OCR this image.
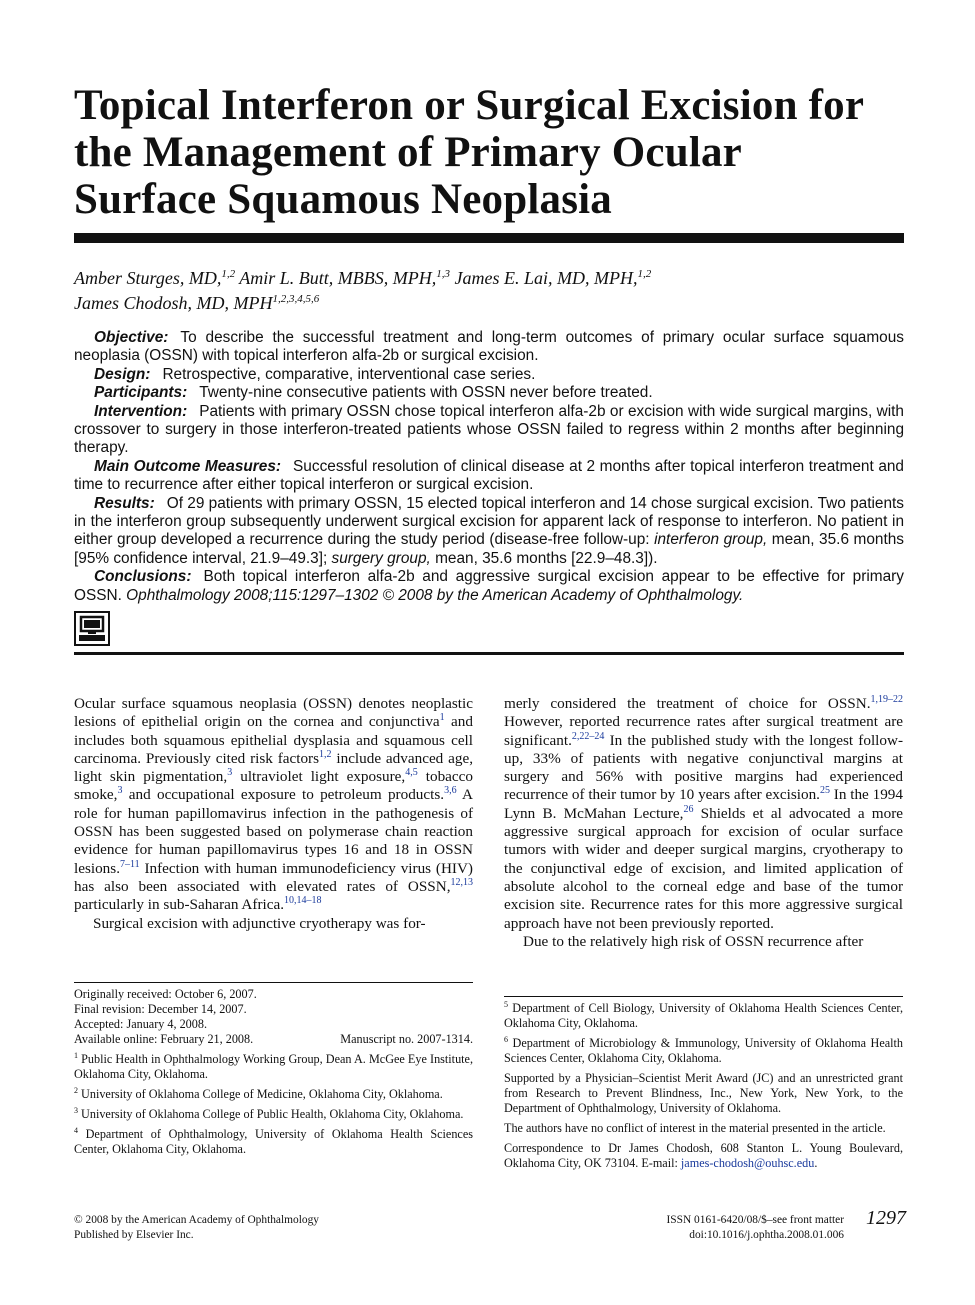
Topical Interferon or Surgical Excision for
the Management of Primary Ocular
Surface Squamous Neoplasia
Amber Sturges, MD,$^{1,2}$ Amir L. Butt, MBBS, MPH,$^{1,3}$ James E. Lai, MD, MPH,$^{1,2}$
James Chodosh, MD, MPH$^{1,2,3,4,5,6}$

Objective: To describe the successful treatment and long-term outcomes of primary ocular surface squamous neoplasia (OSSN) with topical interferon alfa-2b or surgical excision.

Design: Retrospective, comparative, interventional case series.

Participants: Twenty-nine consecutive patients with OSSN never before treated.

Intervention: Patients with primary OSSN chose topical interferon alfa-2b or excision with wide surgical margins, with crossover to surgery in those interferon-treated patients whose OSSN failed to regress within 2 months after beginning therapy.

Main Outcome Measures: Successful resolution of clinical disease at 2 months after topical interferon treatment and time to recurrence after either topical interferon or surgical excision.

Results: Of 29 patients with primary OSSN, 15 elected topical interferon and 14 chose surgical excision. Two patients in the interferon group subsequently underwent surgical excision for apparent lack of response to interferon. No patient in either group developed a recurrence during the study period (disease-free follow-up: interferon group, mean, 35.6 months [95% confidence interval, 21.9–49.3]; surgery group, mean, 35.6 months [22.9–48.3]).

Conclusions: Both topical interferon alfa-2b and aggressive surgical excision appear to be effective for primary OSSN. Ophthalmology 2008;115:1297–1302 © 2008 by the American Academy of Ophthalmology.

Ocular surface squamous neoplasia (OSSN) denotes neoplastic lesions of epithelial origin on the cornea and conjunctiva$^1$ and includes both squamous epithelial dysplasia and squamous cell carcinoma. Previously cited risk factors$^{1,2}$ include advanced age, light skin pigmentation,$^3$ ultraviolet light exposure,$^{4,5}$ tobacco smoke,$^3$ and occupational exposure to petroleum products.$^{3,6}$ A role for human papillomavirus infection in the pathogenesis of OSSN has been suggested based on polymerase chain reaction evidence for human papillomavirus types 16 and 18 in OSSN lesions.$^{7-11}$ Infection with human immunodeficiency virus (HIV) has also been associated with elevated rates of OSSN,$^{12,13}$ particularly in sub-Saharan Africa.$^{10,14-18}$

Surgical excision with adjunctive cryotherapy was for-

merly considered the treatment of choice for OSSN.$^{1,19-22}$ However, reported recurrence rates after surgical treatment are significant.$^{2,22-24}$ In the published study with the longest follow-up, 33% of patients with negative conjunctival margins at surgery and 56% with positive margins had experienced recurrence of their tumor by 10 years after excision.$^{25}$ In the 1994 Lynn B. McMahan Lecture,$^{26}$ Shields et al advocated a more aggressive surgical approach for excision of ocular surface tumors with wider and deeper surgical margins, cryotherapy to the conjunctival edge of excision, and limited application of absolute alcohol to the corneal edge and base of the tumor excision site. Recurrence rates for this more aggressive surgical approach have not been previously reported.

Due to the relatively high risk of OSSN recurrence after

Originally received: October 6, 2007.
Final revision: December 14, 2007.
Accepted: January 4, 2008.
Available online: February 21, 2008.	Manuscript no. 2007-1314.

$^1$ Public Health in Ophthalmology Working Group, Dean A. McGee Eye Institute, Oklahoma City, Oklahoma.

$^2$ University of Oklahoma College of Medicine, Oklahoma City, Oklahoma.

$^3$ University of Oklahoma College of Public Health, Oklahoma City, Oklahoma.

$^4$ Department of Ophthalmology, University of Oklahoma Health Sciences Center, Oklahoma City, Oklahoma.

$^5$ Department of Cell Biology, University of Oklahoma Health Sciences Center, Oklahoma City, Oklahoma.

$^6$ Department of Microbiology & Immunology, University of Oklahoma Health Sciences Center, Oklahoma City, Oklahoma.

Supported by a Physician–Scientist Merit Award (JC) and an unrestricted grant from Research to Prevent Blindness, Inc., New York, New York, to the Department of Ophthalmology, University of Oklahoma.

The authors have no conflict of interest in the material presented in the article.

Correspondence to Dr James Chodosh, 608 Stanton L. Young Boulevard, Oklahoma City, OK 73104. E-mail: james-chodosh@ouhsc.edu.

© 2008 by the American Academy of Ophthalmology
Published by Elsevier Inc.
ISSN 0161-6420/08/$–see front matter
doi:10.1016/j.ophtha.2008.01.006
1297
